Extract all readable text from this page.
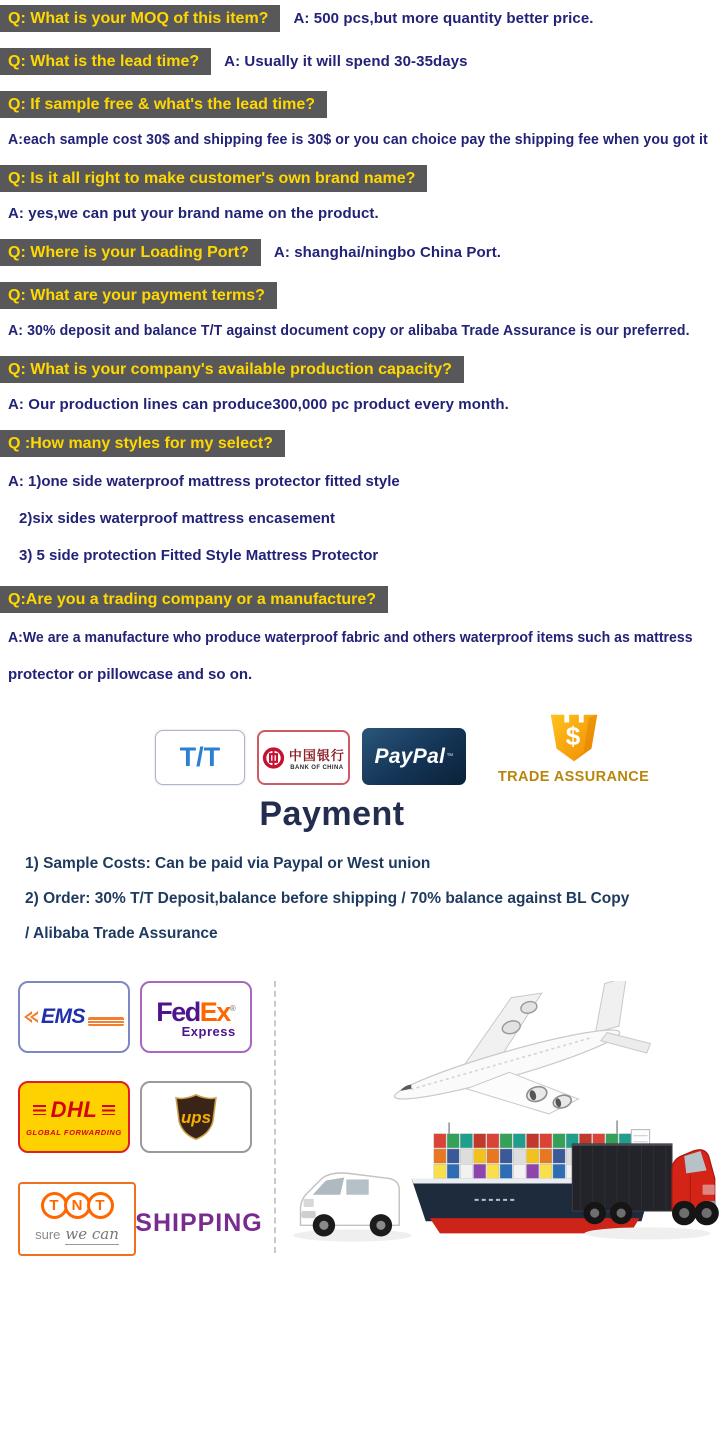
Q: What is your MOQ of this item?	A: 500 pcs,but more quantity better price.
Q: What is the lead time?	A: Usually it will spend 30-35days
Q: If sample free & what's the lead time?
A:each sample cost 30$ and shipping fee is 30$ or you can choice pay the shipping fee when you got it
Q: Is it all right to make customer's own brand name?
A: yes,we can put your brand name on the product.
Q: Where is your Loading Port?	A: shanghai/ningbo China Port.
Q: What are your payment terms?
A: 30% deposit and balance T/T against document copy or alibaba Trade Assurance is our preferred.
Q: What is your company's available production capacity?
A: Our production lines can produce300,000 pc product every month.
Q :How many styles for my select?

A: 1)one side waterproof mattress protector fitted style

2)six sides waterproof mattress encasement

3) 5 side protection Fitted Style Mattress Protector

Q:Are you a trading company or a manufacture?

A:We are a manufacture who produce waterproof fabric and others waterproof items such as mattress

protector or pillowcase and so on.

T/T	中国银行
BANK OF CHINA PayPal ™
$
TRADE ASSURANCE
Payment

1) Sample Costs: Can be paid via Paypal or West union

2) Order: 30% T/T Deposit,balance before shipping / 70% balance against BL Copy

/ Alibaba Trade Assurance

EMS	FedEx®
Express
DHL
GLOBAL FORWARDING
ups
T N T
sure we can SHIPPING
